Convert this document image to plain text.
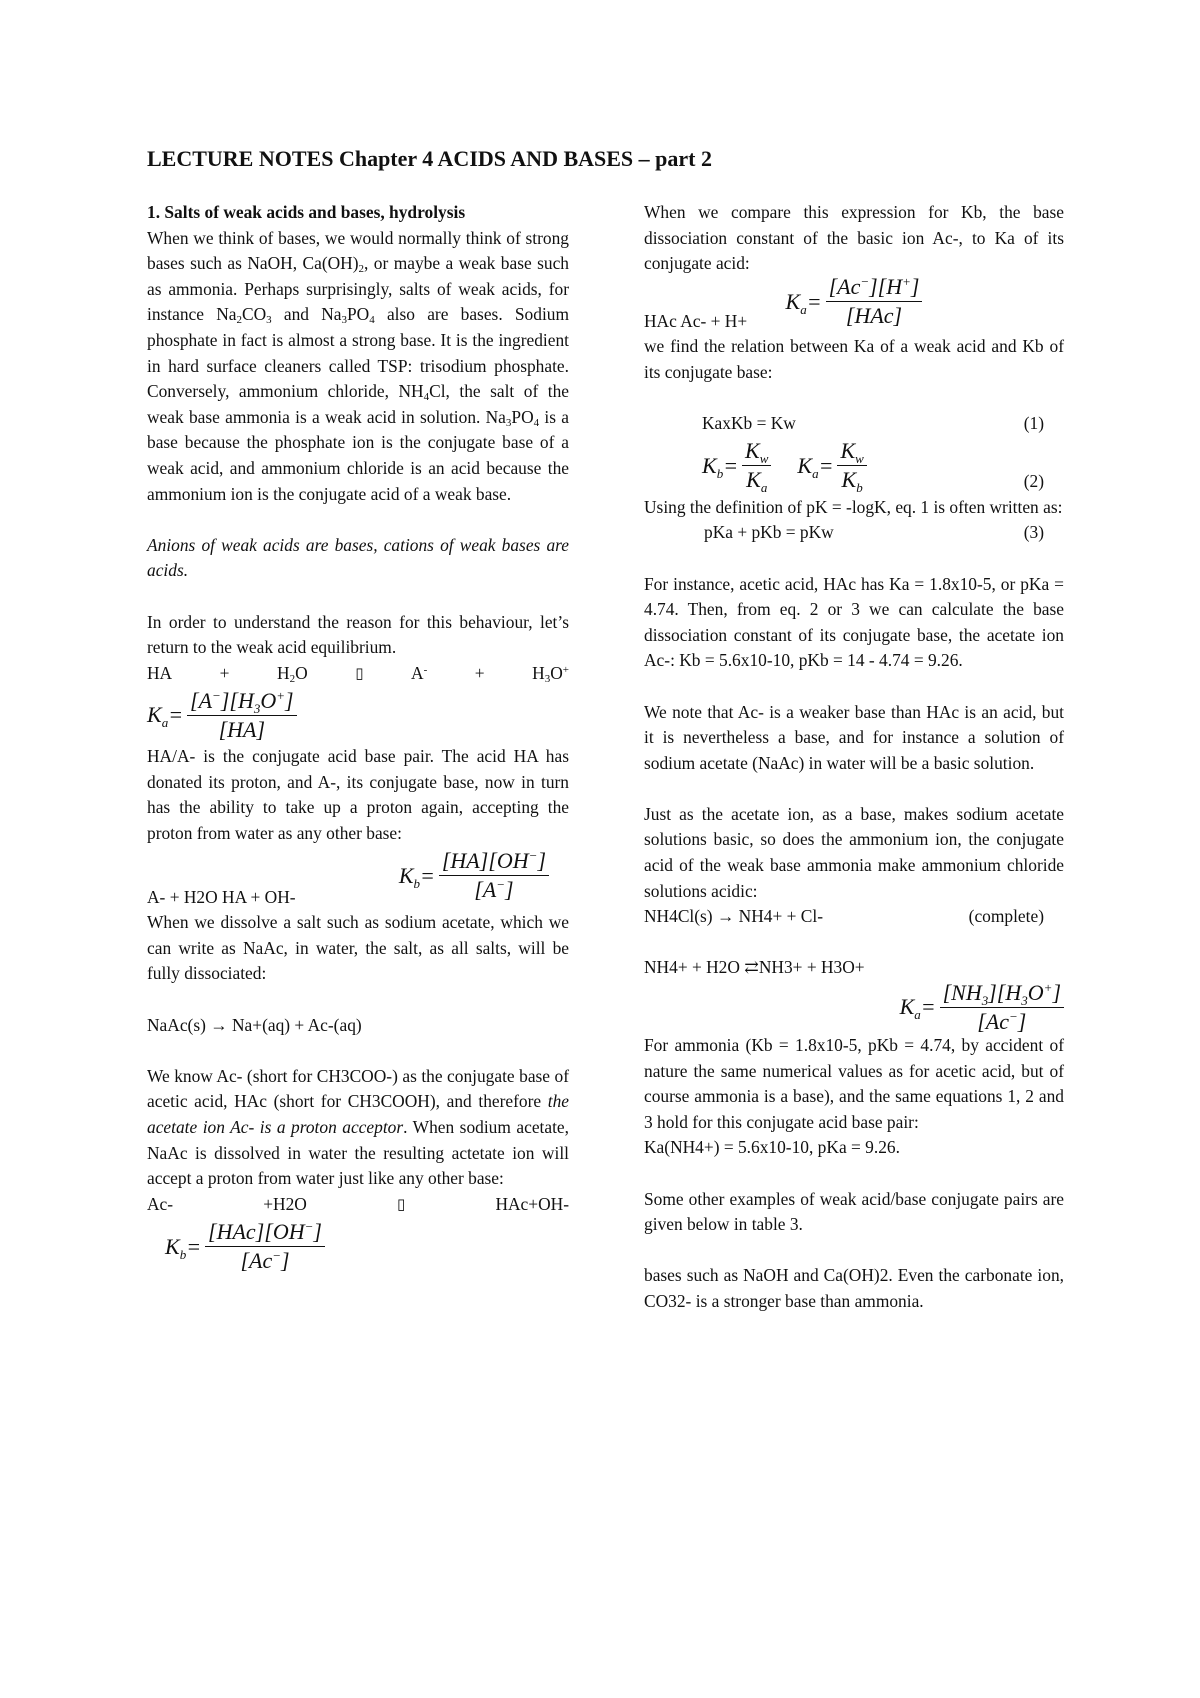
LECTURE NOTES Chapter 4 ACIDS AND BASES – part 2

1. Salts of weak acids and bases, hydrolysis

When we think of bases, we would normally think of strong bases such as NaOH, $Ca(OH)_2$, or maybe a weak base such as ammonia. Perhaps surprisingly, salts of weak acids, for instance $Na_2CO_3$ and $Na_3PO_4$ also are bases. Sodium phosphate in fact is almost a strong base. It is the ingredient in hard surface cleaners called TSP: trisodium phosphate. Conversely, ammonium chloride, $NH_4Cl$, the salt of the weak base ammonia is a weak acid in solution. $Na_3PO_4$ is a base because the phosphate ion is the conjugate base of a weak acid, and ammonium chloride is an acid because the ammonium ion is the conjugate acid of a weak base.

Anions of weak acids are bases, cations of weak bases are acids.

In order to understand the reason for this behaviour, let’s return to the weak acid equilibrium.

HA	+	$H_2O$	▯	A-	+	$H_3O^+$
$K_a= \frac{[A^-][H_3O^+]}{[HA]}$

HA/A- is the conjugate acid base pair. The acid HA has donated its proton, and A-, its conjugate base, now in turn has the ability to take up a proton again, accepting the proton from water as any other base:

$K_b= \frac{[HA][OH^-]}{[A^-]}$

A- + H2O HA + OH-

When we dissolve a salt such as sodium acetate, which we can write as NaAc, in water, the salt, as all salts, will be fully dissociated:

NaAc(s) → Na+(aq) + Ac-(aq)

We know Ac- (short for CH3COO-) as the conjugate base of acetic acid, HAc (short for CH3COOH), and therefore the acetate ion Ac- is a proton acceptor. When sodium acetate, NaAc is dissolved in water the resulting actetate ion will accept a proton from water just like any other base:

Ac-	+H2O	▯	HAc+OH-
$K_b= \frac{[HAc][OH^-]}{[Ac^-]}$

When we compare this expression for Kb, the base dissociation constant of the basic ion Ac-, to Ka of its conjugate acid:

$K_a= \frac{[Ac^-][H^+]}{\text{[HAc]}}$

HAc Ac- + H+

we find the relation between Ka of a weak acid and Kb of its conjugate base:

KaxKb = Kw	(1)
$K_b= \frac{K_w}{K_a} K_a= \frac{K_w}{K_b}$	(2)

Using the definition of pK = -logK, eq. 1 is often written as:

pKa + pKb = pKw	(3)

For instance, acetic acid, HAc has Ka = 1.8x10-5, or pKa = 4.74. Then, from eq. 2 or 3 we can calculate the base dissociation constant of its conjugate base, the acetate ion Ac-: Kb = 5.6x10-10, pKb = 14 - 4.74 = 9.26.

We note that Ac- is a weaker base than HAc is an acid, but it is nevertheless a base, and for instance a solution of sodium acetate (NaAc) in water will be a basic solution.

Just as the acetate ion, as a base, makes sodium acetate solutions basic, so does the ammonium ion, the conjugate acid of the weak base ammonia make ammonium chloride solutions acidic:

NH4Cl(s) → NH4+ + Cl-	(complete)

NH4+ + H2O ⇄NH3+ + H3O+

$K_a= \frac{[NH_3][H_3O^+]}{[Ac^-]}$

For ammonia (Kb = 1.8x10-5, pKb = 4.74, by accident of nature the same numerical values as for acetic acid, but of course ammonia is a base), and the same equations 1, 2 and 3 hold for this conjugate acid base pair:

Ka(NH4+) = 5.6x10-10, pKa = 9.26.

Some other examples of weak acid/base conjugate pairs are given below in table 3.

bases such as NaOH and Ca(OH)2. Even the carbonate ion, CO32- is a stronger base than ammonia.
